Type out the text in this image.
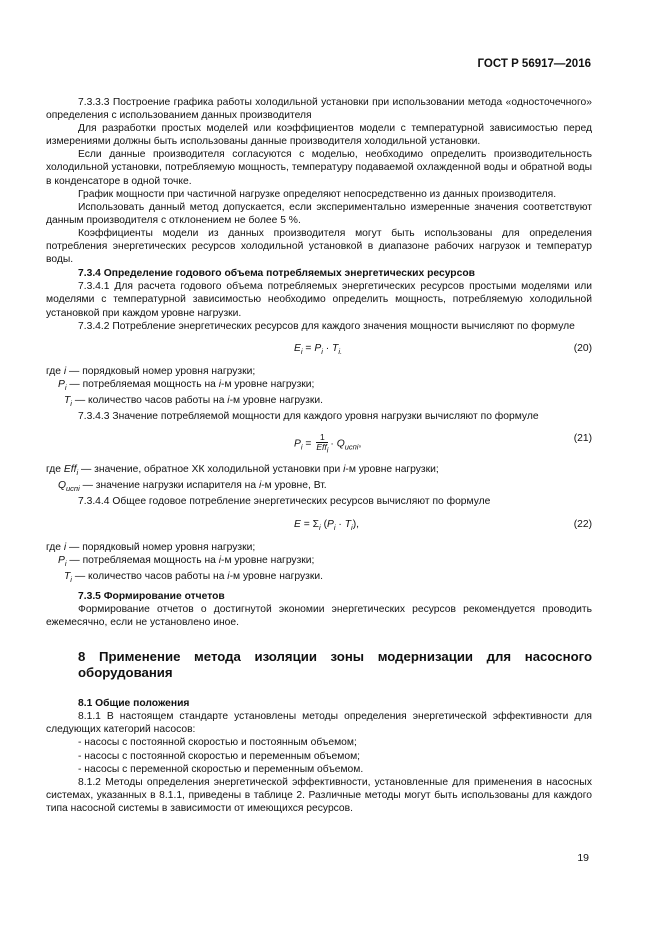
ГОСТ Р 56917—2016

7.3.3.3 Построение графика работы холодильной установки при использовании метода «односточечного» определения с использованием данных производителя

Для разработки простых моделей или коэффициентов модели с температурной зависимостью перед измерениями должны быть использованы данные производителя холодильной установки.

Если данные производителя согласуются с моделью, необходимо определить производительность холодильной установки, потребляемую мощность, температуру подаваемой охлажденной воды и обратной воды в конденсаторе в одной точке.

График мощности при частичной нагрузке определяют непосредственно из данных производителя.

Использовать данный метод допускается, если экспериментально измеренные значения соответствуют данным производителя с отклонением не более 5 %.

Коэффициенты модели из данных производителя могут быть использованы для определения потребления энергетических ресурсов холодильной установкой в диапазоне рабочих нагрузок и температур воды.

7.3.4 Определение годового объема потребляемых энергетических ресурсов

7.3.4.1 Для расчета годового объема потребляемых энергетических ресурсов простыми моделями или моделями с температурной зависимостью необходимо определить мощность, потребляемую холодильной установкой при каждом уровне нагрузки.

7.3.4.2 Потребление энергетических ресурсов для каждого значения мощности вычисляют по формуле

$E_i = P_i \cdot T_{i.}$	(20)

где i — порядковый номер уровня нагрузки;

$P_i$ — потребляемая мощность на i-м уровне нагрузки;

$T_i$ — количество часов работы на i-м уровне нагрузки.

7.3.4.3 Значение потребляемой мощности для каждого уровня нагрузки вычисляют по формуле

$P_i = \frac{1}{Eff_i} \cdot Q_{испi}$,
(21)

где Eff$_i$ — значение, обратное ХК холодильной установки при i-м уровне нагрузки;

$Q_{испi}$ — значение нагрузки испарителя на i-м уровне, Вт.

7.3.4.4 Общее годовое потребление энергетических ресурсов вычисляют по формуле

$E = \Sigma_i$ $(P_i \cdot T_i)$,	(22)

где i — порядковый номер уровня нагрузки;

$P_i$ — потребляемая мощность на i-м уровне нагрузки;

$T_i$ — количество часов работы на i-м уровне нагрузки.

7.3.5 Формирование отчетов

Формирование отчетов о достигнутой экономии энергетических ресурсов рекомендуется проводить ежемесячно, если не установлено иное.

8 Применение метода изоляции зоны модернизации для насосного оборудования

8.1 Общие положения

8.1.1 В настоящем стандарте установлены методы определения энергетической эффективности для следующих категорий насосов:

- насосы с постоянной скоростью и постоянным объемом;

- насосы с постоянной скоростью и переменным объемом;

- насосы с переменной скоростью и переменным объемом.

8.1.2 Методы определения энергетической эффективности, установленные для применения в насосных системах, указанных в 8.1.1, приведены в таблице 2. Различные методы могут быть использованы для каждого типа насосной системы в зависимости от имеющихся ресурсов.

19
